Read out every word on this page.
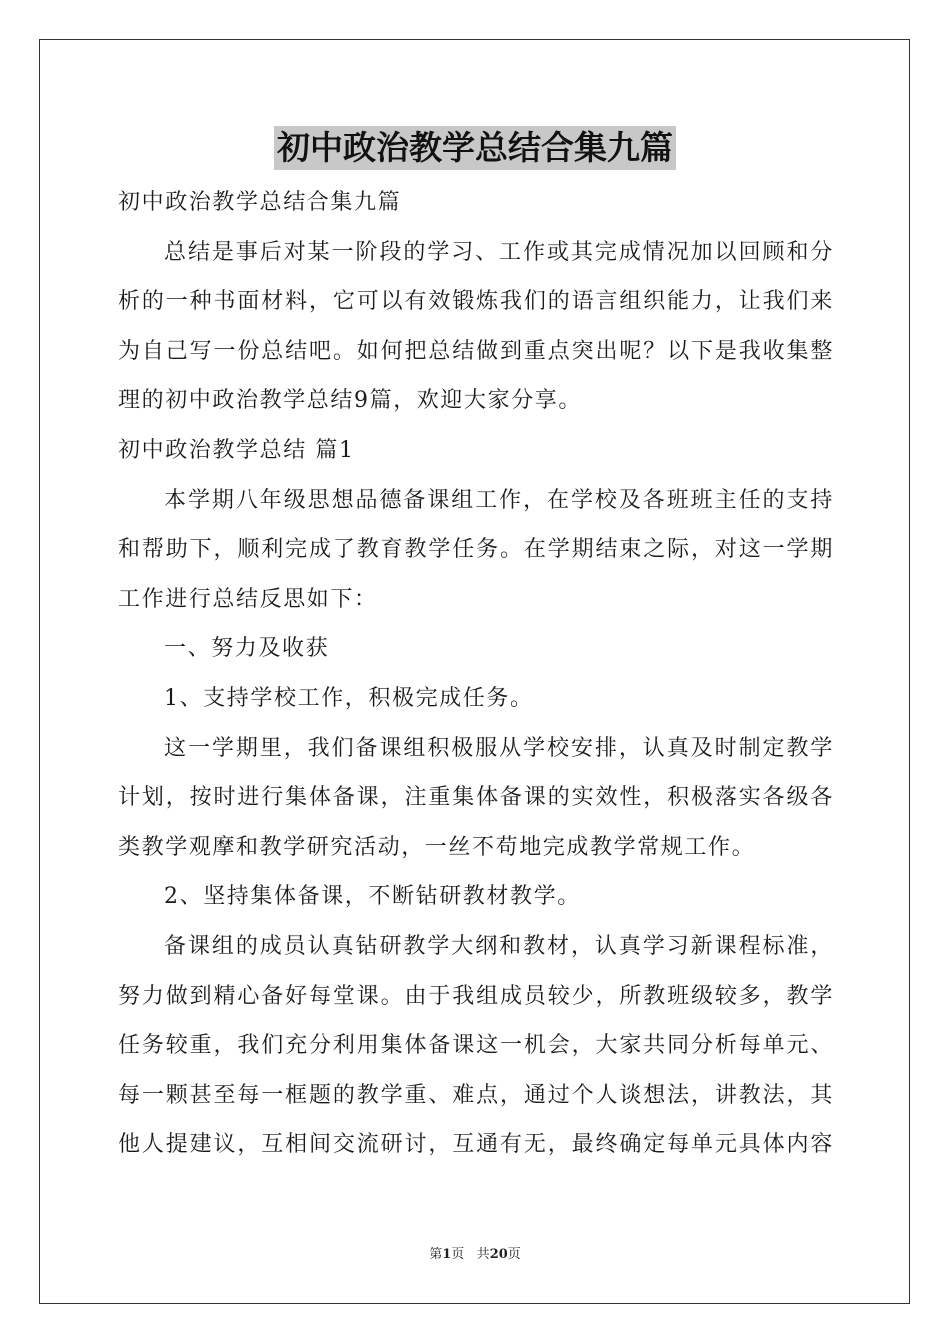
初中政治教学总结合集九篇
初中政治教学总结合集九篇
总结是事后对某一阶段的学习、工作或其完成情况加以回顾和分
析的一种书面材料，它可以有效锻炼我们的语言组织能力，让我们来
为自己写一份总结吧。如何把总结做到重点突出呢？以下是我收集整
理的初中政治教学总结9篇，欢迎大家分享。
初中政治教学总结 篇1
本学期八年级思想品德备课组工作，在学校及各班班主任的支持
和帮助下，顺利完成了教育教学任务。在学期结束之际，对这一学期
工作进行总结反思如下：
一、努力及收获
1、支持学校工作，积极完成任务。
这一学期里，我们备课组积极服从学校安排，认真及时制定教学
计划，按时进行集体备课，注重集体备课的实效性，积极落实各级各
类教学观摩和教学研究活动，一丝不苟地完成教学常规工作。
2、坚持集体备课，不断钻研教材教学。
备课组的成员认真钻研教学大纲和教材，认真学习新课程标准，
努力做到精心备好每堂课。由于我组成员较少，所教班级较多，教学
任务较重，我们充分利用集体备课这一机会，大家共同分析每单元、
每一颗甚至每一框题的教学重、难点，通过个人谈想法，讲教法，其
他人提建议，互相间交流研讨，互通有无，最终确定每单元具体内容
第1页 共20页
